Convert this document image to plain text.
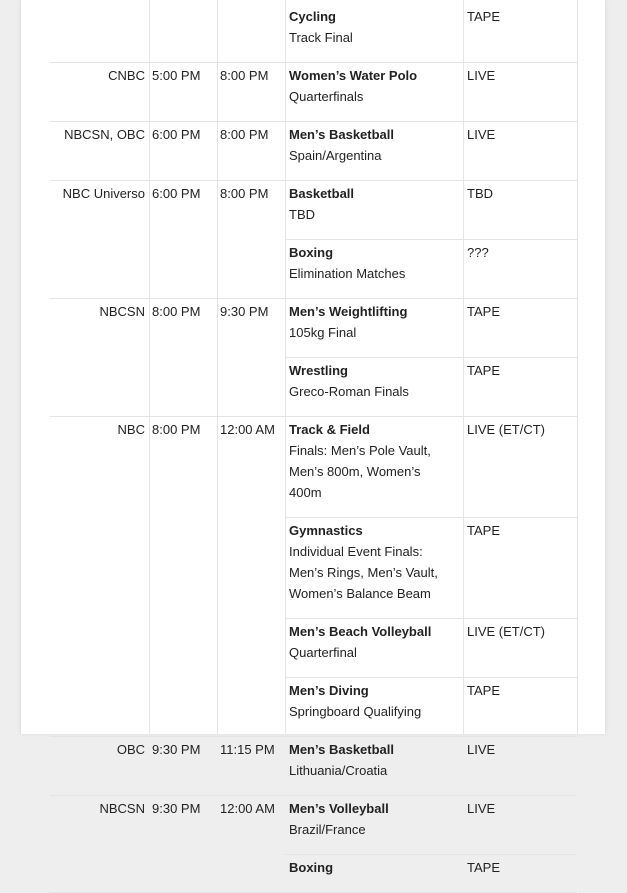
Cycling
Track Final
TAPE
CNBC 5:00 PM 8:00 PM Women’s Water Polo
Quarterfinals
LIVE
NBCSN, OBC 6:00 PM 8:00 PM Men’s Basketball
Spain/Argentina
LIVE
NBC Universo 6:00 PM 8:00 PM Basketball
TBD
TBD
Boxing
Elimination Matches
???
NBCSN 8:00 PM 9:30 PM Men’s Weightlifting
105kg Final
TAPE
Wrestling
Greco-Roman Finals
TAPE
NBC 8:00 PM 12:00 AM Track & Field
Finals: Men’s Pole Vault,
Men’s 800m, Women’s
400m
LIVE (ET/CT)
Gymnastics
Individual Event Finals:
Men’s Rings, Men’s Vault,
Women’s Balance Beam
TAPE
Men’s Beach Volleyball
Quarterfinal
LIVE (ET/CT)
Men’s Diving
Springboard Qualifying
TAPE
OBC 9:30 PM 11:15 PM Men’s Basketball
Lithuania/Croatia
LIVE
NBCSN 9:30 PM 12:00 AM Men’s Volleyball
Brazil/France
LIVE
Boxing	TAPE
